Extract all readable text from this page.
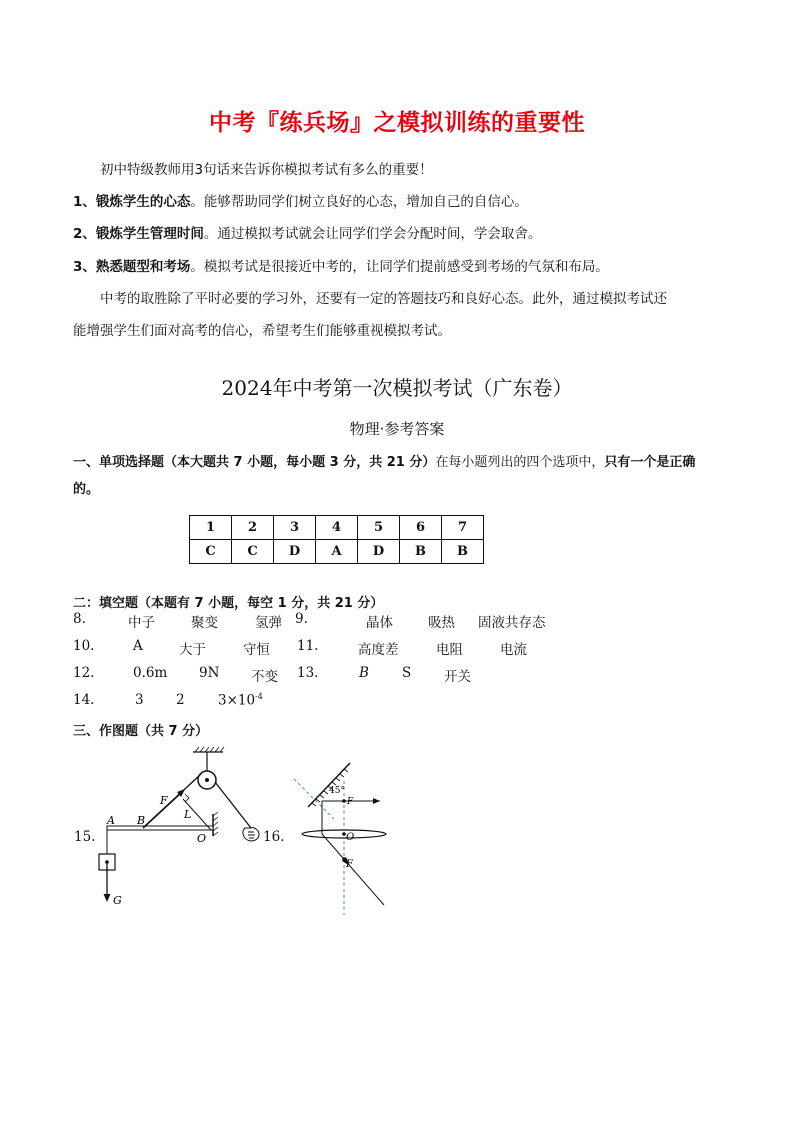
中考『练兵场』之模拟训练的重要性
初中特级教师用3句话来告诉你模拟考试有多么的重要！
1、锻炼学生的心态。能够帮助同学们树立良好的心态，增加自己的自信心。
2、锻炼学生管理时间。通过模拟考试就会让同学们学会分配时间，学会取舍。
3、熟悉题型和考场。模拟考试是很接近中考的，让同学们提前感受到考场的气氛和布局。
中考的取胜除了平时必要的学习外，还要有一定的答题技巧和良好心态。此外，通过模拟考试还
能增强学生们面对高考的信心，希望考生们能够重视模拟考试。
2024年中考第一次模拟考试（广东卷）
物理·参考答案
一、单项选择题（本大题共 7 小题，每小题 3 分，共 21 分）在每小题列出的四个选项中，只有一个是正确
的。
1	2	3	4	5	6	7
C	C	D	A	D	B	B
二：填空题（本题有 7 小题，每空 1 分，共 21 分）
8.	中子	聚变	氢弹 9.	晶体	吸热 固液共存态
10.	A	大于	守恒 11.	高度差	电阻	电流
12.	0.6m 9N 不变 13.	B S 开关
14.	3 2 $3\times 10^{-4}$
三、作图题（共 7 分）
15.	16.
A B
F
L
O
G
45°
F
O
F
